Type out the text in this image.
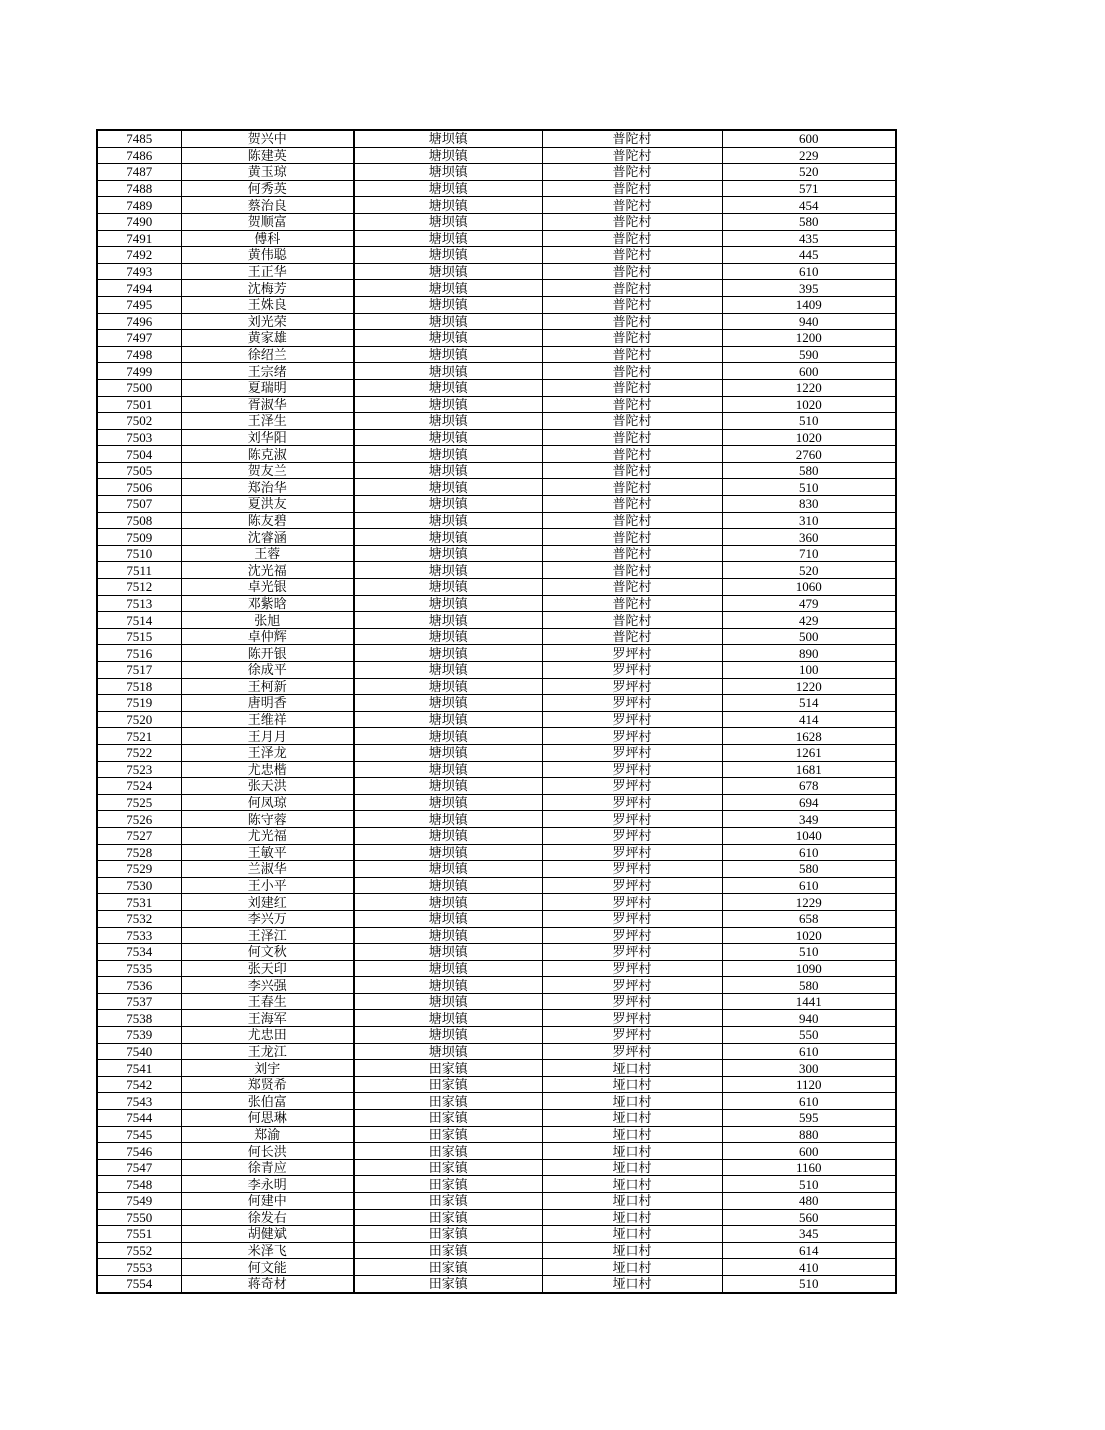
7485	贺兴中	塘坝镇	普陀村	600
7486	陈建英	塘坝镇	普陀村	229
7487	黄玉琼	塘坝镇	普陀村	520
7488	何秀英	塘坝镇	普陀村	571
7489	蔡治良	塘坝镇	普陀村	454
7490	贺顺富	塘坝镇	普陀村	580
7491	傅科	塘坝镇	普陀村	435
7492	黄伟聪	塘坝镇	普陀村	445
7493	王正华	塘坝镇	普陀村	610
7494	沈梅芳	塘坝镇	普陀村	395
7495	王姝良	塘坝镇	普陀村	1409
7496	刘光荣	塘坝镇	普陀村	940
7497	黄家雄	塘坝镇	普陀村	1200
7498	徐绍兰	塘坝镇	普陀村	590
7499	王宗绪	塘坝镇	普陀村	600
7500	夏瑞明	塘坝镇	普陀村	1220
7501	胥淑华	塘坝镇	普陀村	1020
7502	王泽生	塘坝镇	普陀村	510
7503	刘华阳	塘坝镇	普陀村	1020
7504	陈克淑	塘坝镇	普陀村	2760
7505	贺友兰	塘坝镇	普陀村	580
7506	郑治华	塘坝镇	普陀村	510
7507	夏洪友	塘坝镇	普陀村	830
7508	陈友碧	塘坝镇	普陀村	310
7509	沈睿涵	塘坝镇	普陀村	360
7510	王蓉	塘坝镇	普陀村	710
7511	沈光福	塘坝镇	普陀村	520
7512	卓光银	塘坝镇	普陀村	1060
7513	邓紫晗	塘坝镇	普陀村	479
7514	张旭	塘坝镇	普陀村	429
7515	卓仲辉	塘坝镇	普陀村	500
7516	陈开银	塘坝镇	罗坪村	890
7517	徐成平	塘坝镇	罗坪村	100
7518	王柯新	塘坝镇	罗坪村	1220
7519	唐明香	塘坝镇	罗坪村	514
7520	王维祥	塘坝镇	罗坪村	414
7521	王月月	塘坝镇	罗坪村	1628
7522	王泽龙	塘坝镇	罗坪村	1261
7523	尤忠楷	塘坝镇	罗坪村	1681
7524	张天洪	塘坝镇	罗坪村	678
7525	何凤琼	塘坝镇	罗坪村	694
7526	陈守蓉	塘坝镇	罗坪村	349
7527	尤光福	塘坝镇	罗坪村	1040
7528	王敏平	塘坝镇	罗坪村	610
7529	兰淑华	塘坝镇	罗坪村	580
7530	王小平	塘坝镇	罗坪村	610
7531	刘建红	塘坝镇	罗坪村	1229
7532	李兴万	塘坝镇	罗坪村	658
7533	王泽江	塘坝镇	罗坪村	1020
7534	何文秋	塘坝镇	罗坪村	510
7535	张天印	塘坝镇	罗坪村	1090
7536	李兴强	塘坝镇	罗坪村	580
7537	王春生	塘坝镇	罗坪村	1441
7538	王海军	塘坝镇	罗坪村	940
7539	尤忠田	塘坝镇	罗坪村	550
7540	王龙江	塘坝镇	罗坪村	610
7541	刘宇	田家镇	垭口村	300
7542	郑贤希	田家镇	垭口村	1120
7543	张伯富	田家镇	垭口村	610
7544	何思琳	田家镇	垭口村	595
7545	郑渝	田家镇	垭口村	880
7546	何长洪	田家镇	垭口村	600
7547	徐青应	田家镇	垭口村	1160
7548	李永明	田家镇	垭口村	510
7549	何建中	田家镇	垭口村	480
7550	徐发右	田家镇	垭口村	560
7551	胡健斌	田家镇	垭口村	345
7552	米泽飞	田家镇	垭口村	614
7553	何文能	田家镇	垭口村	410
7554	蒋奇材	田家镇	垭口村	510
